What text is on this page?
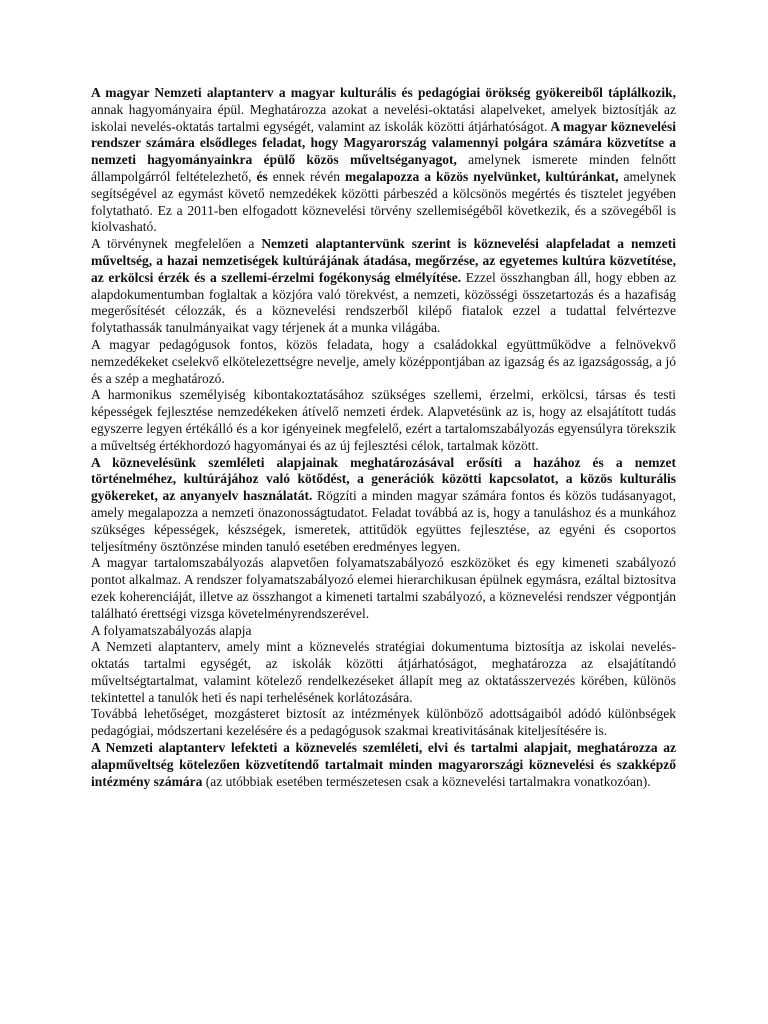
A magyar Nemzeti alaptanterv a magyar kulturális és pedagógiai örökség gyökereiből táplálkozik, annak hagyományaira épül. Meghatározza azokat a nevelési-oktatási alapelveket, amelyek biztosítják az iskolai nevelés-oktatás tartalmi egységét, valamint az iskolák közötti átjárhatóságot. A magyar köznevelési rendszer számára elsődleges feladat, hogy Magyarország valamennyi polgára számára közvetítse a nemzeti hagyományainkra épülő közös műveltséganyagot, amelynek ismerete minden felnőtt állampolgárról feltételezhető, és ennek révén megalapozza a közös nyelvünket, kultúránkat, amelynek segítségével az egymást követő nemzedékek közötti párbeszéd a kölcsönös megértés és tisztelet jegyében folytatható. Ez a 2011-ben elfogadott köznevelési törvény szellemiségéből következik, és a szövegéből is kiolvasható.

A törvénynek megfelelően a Nemzeti alaptantervünk szerint is köznevelési alapfeladat a nemzeti műveltség, a hazai nemzetiségek kultúrájának átadása, megőrzése, az egyetemes kultúra közvetítése, az erkölcsi érzék és a szellemi-érzelmi fogékonyság elmélyítése. Ezzel összhangban áll, hogy ebben az alapdokumentumban foglaltak a közjóra való törekvést, a nemzeti, közösségi összetartozás és a hazafiság megerősítését célozzák, és a köznevelési rendszerből kilépő fiatalok ezzel a tudattal felvértezve folytathassák tanulmányaikat vagy térjenek át a munka világába.

A magyar pedagógusok fontos, közös feladata, hogy a családokkal együttműködve a felnövekvő nemzedékeket cselekvő elkötelezettségre nevelje, amely középpontjában az igazság és az igazságosság, a jó és a szép a meghatározó.

A harmonikus személyiség kibontakoztatásához szükséges szellemi, érzelmi, erkölcsi, társas és testi képességek fejlesztése nemzedékeken átívelő nemzeti érdek. Alapvetésünk az is, hogy az elsajátított tudás egyszerre legyen értékálló és a kor igényeinek megfelelő, ezért a tartalomszabályozás egyensúlyra törekszik a műveltség értékhordozó hagyományai és az új fejlesztési célok, tartalmak között.

A köznevelésünk szemléleti alapjainak meghatározásával erősíti a hazához és a nemzet történelméhez, kultúrájához való kötődést, a generációk közötti kapcsolatot, a közös kulturális gyökereket, az anyanyelv használatát. Rögzíti a minden magyar számára fontos és közös tudásanyagot, amely megalapozza a nemzeti önazonosságtudatot. Feladat továbbá az is, hogy a tanuláshoz és a munkához szükséges képességek, készségek, ismeretek, attitűdök együttes fejlesztése, az egyéni és csoportos teljesítmény ösztönzése minden tanuló esetében eredményes legyen.

A magyar tartalomszabályozás alapvetően folyamatszabályozó eszközöket és egy kimeneti szabályozó pontot alkalmaz. A rendszer folyamatszabályozó elemei hierarchikusan épülnek egymásra, ezáltal biztosítva ezek koherenciáját, illetve az összhangot a kimeneti tartalmi szabályozó, a köznevelési rendszer végpontján található érettségi vizsga követelményrendszerével.

A folyamatszabályozás alapja

A Nemzeti alaptanterv, amely mint a köznevelés stratégiai dokumentuma biztosítja az iskolai nevelés-oktatás tartalmi egységét, az iskolák közötti átjárhatóságot, meghatározza az elsajátítandó műveltségtartalmat, valamint kötelező rendelkezéseket állapít meg az oktatásszervezés körében, különös tekintettel a tanulók heti és napi terhelésének korlátozására.

Továbbá lehetőséget, mozgásteret biztosít az intézmények különböző adottságaiból adódó különbségek pedagógiai, módszertani kezelésére és a pedagógusok szakmai kreativitásának kiteljesítésére is.

A Nemzeti alaptanterv lefekteti a köznevelés szemléleti, elvi és tartalmi alapjait, meghatározza az alapműveltség kötelezően közvetítendő tartalmait minden magyarországi köznevelési és szakképző intézmény számára (az utóbbiak esetében természetesen csak a köznevelési tartalmakra vonatkozóan).
